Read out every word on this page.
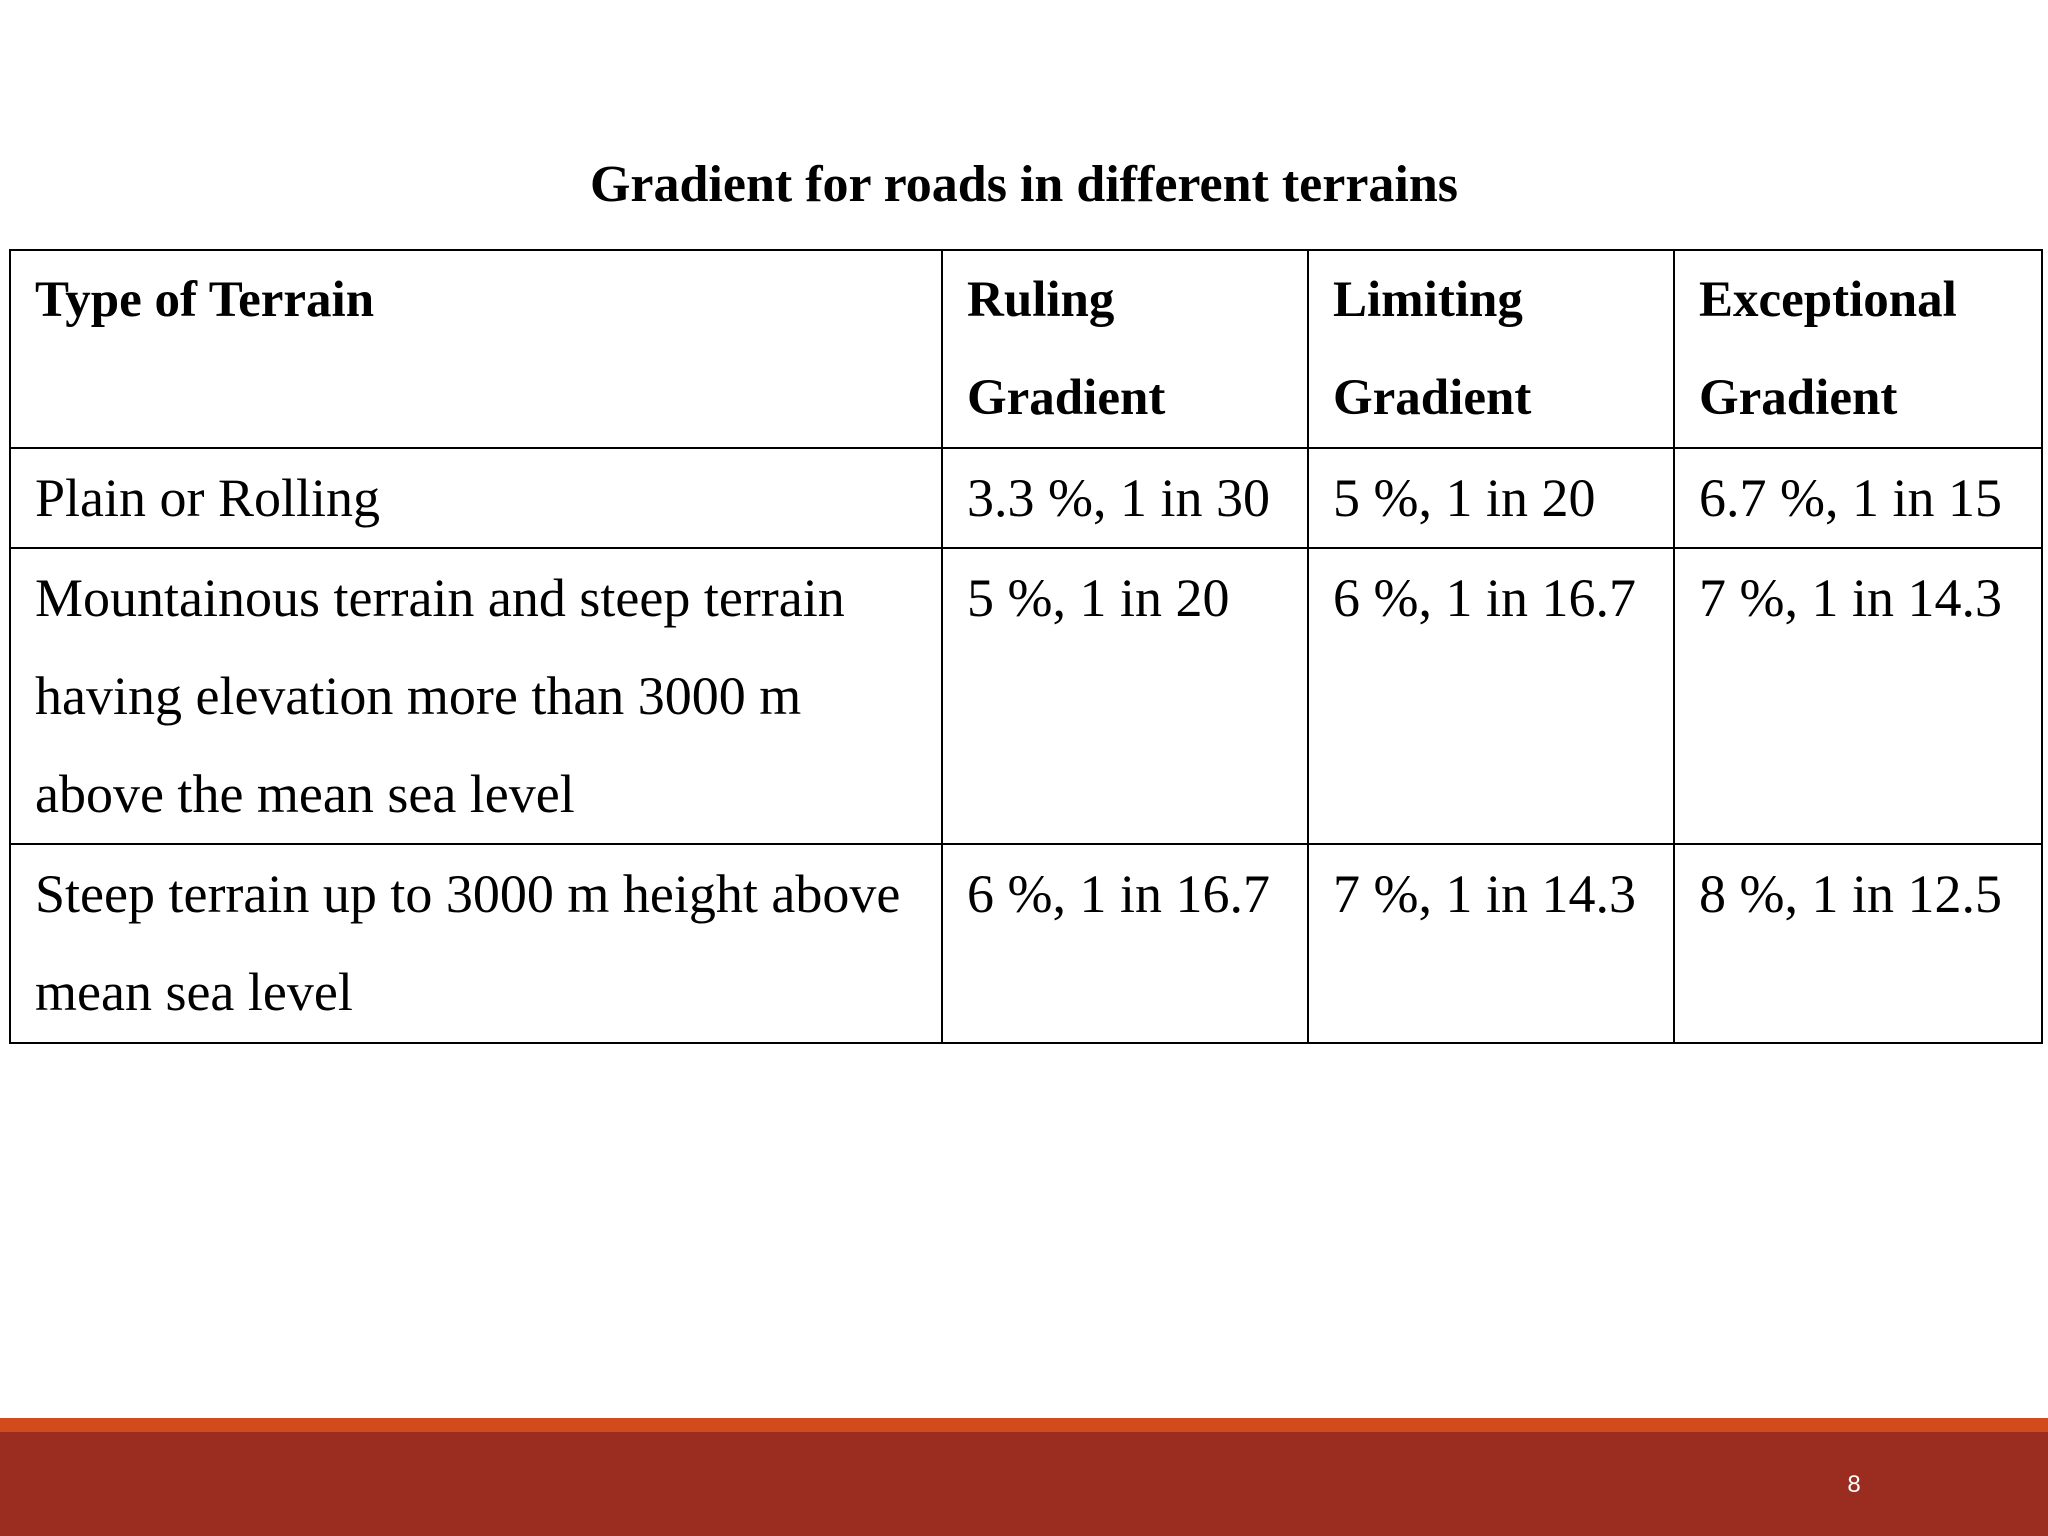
Gradient for roads in different terrains
Type of Terrain	Ruling Gradient	Limiting Gradient	Exceptional Gradient
Plain or Rolling	3.3 %, 1 in 30	5 %, 1 in 20	6.7 %, 1 in 15
Mountainous terrain and steep terrain having elevation more than 3000 m above the mean sea level	5 %, 1 in 20	6 %, 1 in 16.7	7 %, 1 in 14.3
Steep terrain up to 3000 m height above mean sea level	6 %, 1 in 16.7	7 %, 1 in 14.3	8 %, 1 in 12.5
8
